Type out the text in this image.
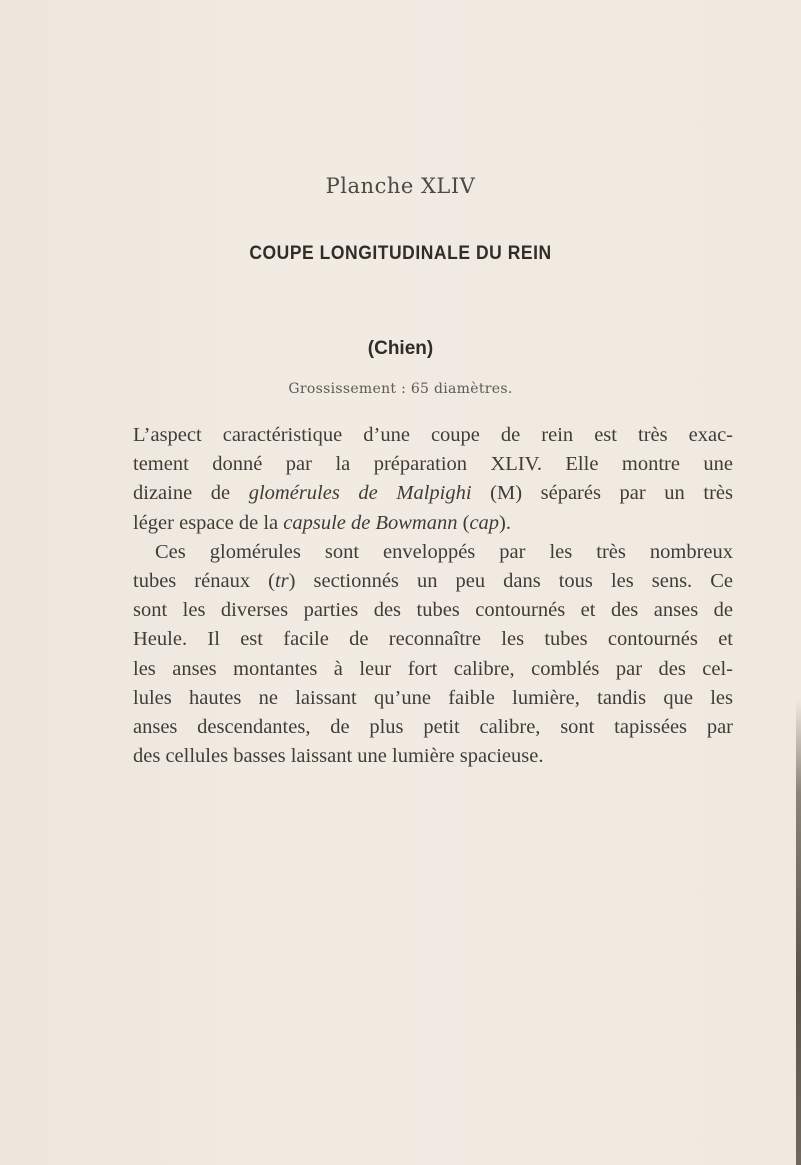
Planche XLIV
COUPE LONGITUDINALE DU REIN
(Chien)
Grossissement : 65 diamètres.
L’aspect caractéristique d’une coupe de rein est très exac-
tement donné par la préparation XLIV. Elle montre une
dizaine de glomérules de Malpighi (M) séparés par un très
léger espace de la capsule de Bowmann (cap).
Ces glomérules sont enveloppés par les très nombreux
tubes rénaux (tr) sectionnés un peu dans tous les sens. Ce
sont les diverses parties des tubes contournés et des anses de
Heule. Il est facile de reconnaître les tubes contournés et
les anses montantes à leur fort calibre, comblés par des cel-
lules hautes ne laissant qu’une faible lumière, tandis que les
anses descendantes, de plus petit calibre, sont tapissées par
des cellules basses laissant une lumière spacieuse.
